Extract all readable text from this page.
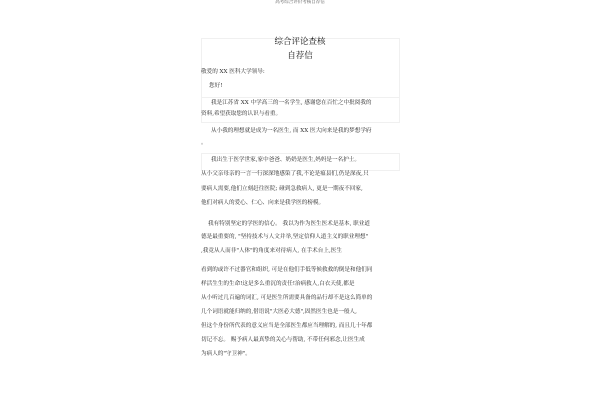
高考综合评价考核自荐信
综合评论查核
自荐信
敬爱的 XX 医科大学领导:
您好!
我是江苏省 XX 中学高三的一名学生, 感谢您在百忙之中批阅我的
资料,希望获取您的认识与看重。
从小我的理想就是成为一名医生, 而 XX 医大向来是我的梦想学府
。
我出生于医学世家,家中爸爸、奶奶是医生,妈妈是一名护士。
从小父亲母亲的一言一行深深地感染了我,不论是瘟县们,仍是深夜,只
要病人需要,他们立刻赶往医院; 碰到急救病人, 更是一期夜不回家,
他们对病人的爱心、仁心、向来是我学医的榜模。
我有特别坚定的学医的信心。 我以为作为医生医术是基本, 职业道
德是最重要的, "坚持技术与人文并举,坚定信仰人道主义的职业理想"
,我竟从人而非"人体"的角度来对待病人, 在手术台上,医生
看到的或许不过器官和组织, 可是在他们手低等候救救的倒是和他们同
样活生生的生命!这是多么重沉的责任!治病救人,白衣天使,都是
从小听过几百遍的词汇, 可是医生所需要具备的品行却不是这么简单的
几个词语就能归纳的,借语说"大医必大德",固然医生也是一般人,
但这个身份所代表的意义应当是全部医生都应当理解的, 而且几十年都
切记不忘。 赐予病人最真挚的关心与帮助, 不带任何邪念,让医生成
为病人的"守卫神"。
